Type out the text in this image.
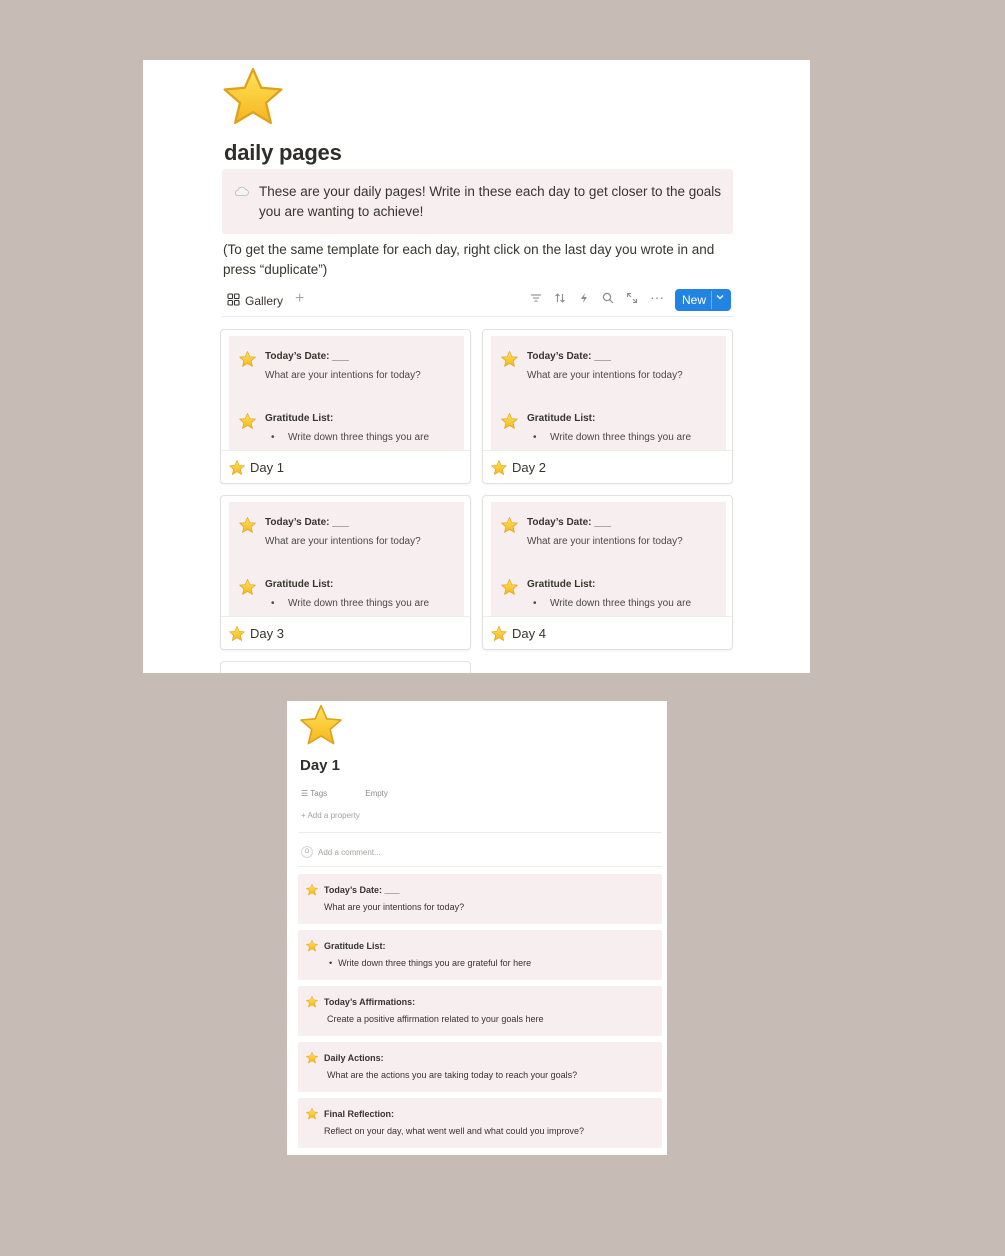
daily pages
These are your daily pages! Write in these each day to get closer to the goals you are wanting to achieve!
(To get the same template for each day, right click on the last day you wrote in and press “duplicate”)
Gallery +	··· New
Today’s Date: ___
What are your intentions for today?
Gratitude List:
• Write down three things you are
Day 1
Today’s Date: ___
What are your intentions for today?
Gratitude List:
• Write down three things you are
Day 2
Today’s Date: ___
What are your intentions for today?
Gratitude List:
• Write down three things you are
Day 3
Today’s Date: ___
What are your intentions for today?
Gratitude List:
• Write down three things you are
Day 4
Day 1
☰ Tags	Empty
+ Add a property
O	Add a comment...
Today’s Date: ___
What are your intentions for today?
Gratitude List:
• Write down three things you are grateful for here
Today’s Affirmations:
Create a positive affirmation related to your goals here
Daily Actions:
What are the actions you are taking today to reach your goals?
Final Reflection:
Reflect on your day, what went well and what could you improve?
